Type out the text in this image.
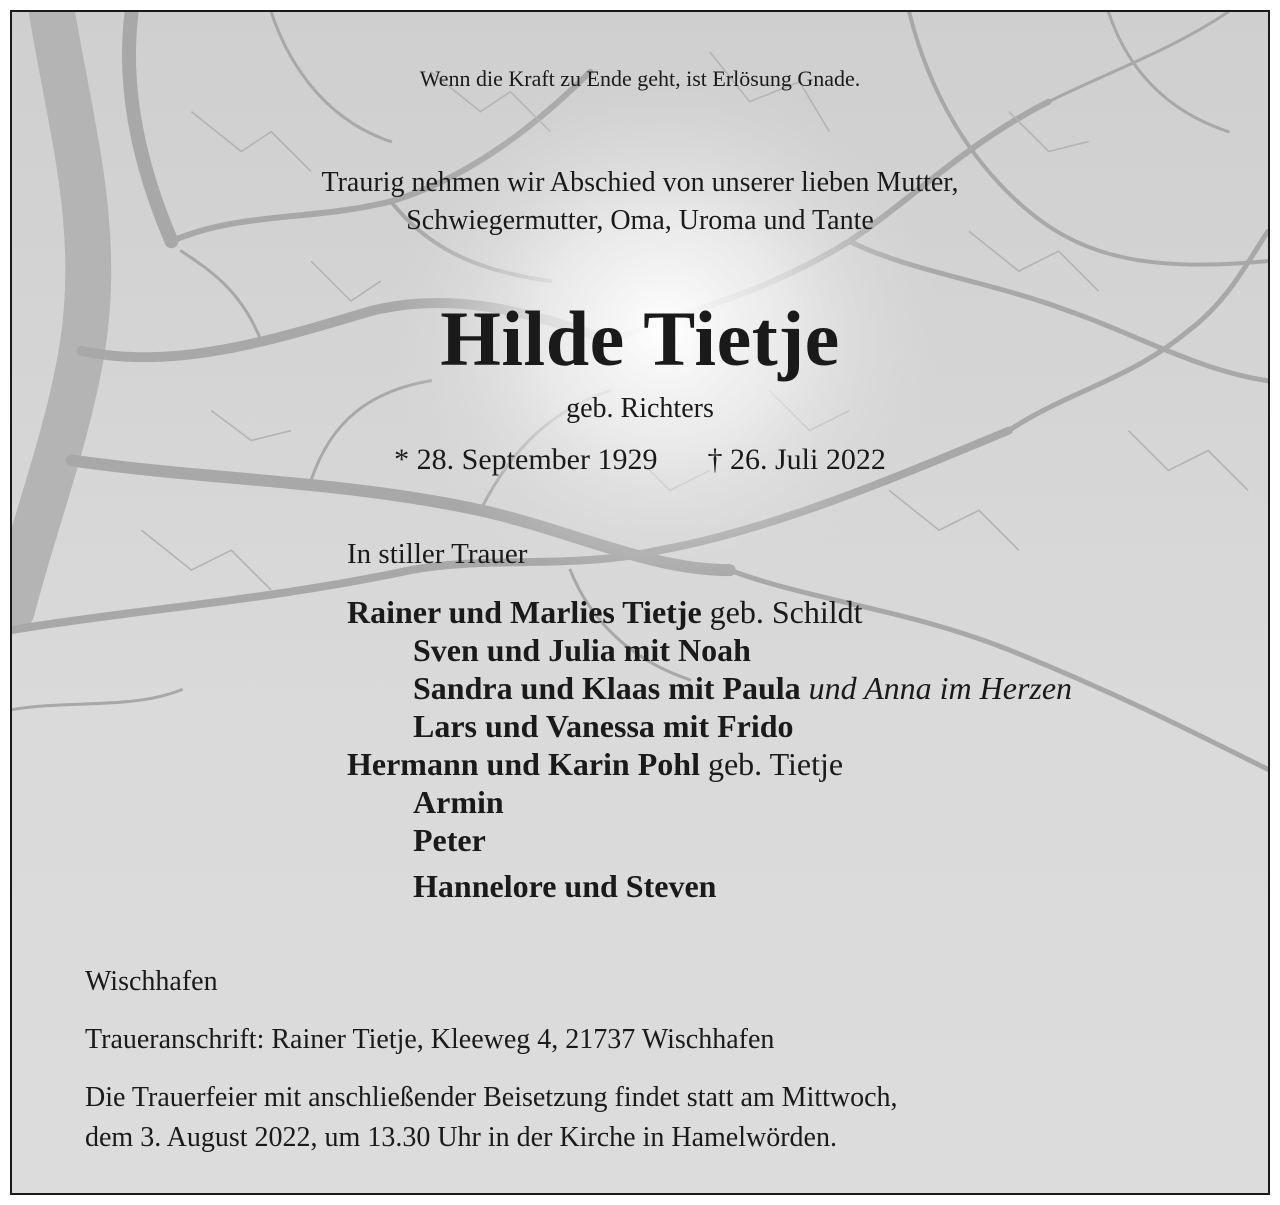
Wenn die Kraft zu Ende geht, ist Erlösung Gnade.
Traurig nehmen wir Abschied von unserer lieben Mutter,
Schwiegermutter, Oma, Uroma und Tante
Hilde Tietje
geb. Richters
* 28. September 1929 † 26. Juli 2022
In stiller Trauer
Rainer und Marlies Tietje geb. Schildt
Sven und Julia mit Noah
Sandra und Klaas mit Paula und Anna im Herzen
Lars und Vanessa mit Frido
Hermann und Karin Pohl geb. Tietje
Armin
Peter
Hannelore und Steven
Wischhafen
Traueranschrift: Rainer Tietje, Kleeweg 4, 21737 Wischhafen
Die Trauerfeier mit anschließender Beisetzung findet statt am Mittwoch,
dem 3. August 2022, um 13.30 Uhr in der Kirche in Hamelwörden.
